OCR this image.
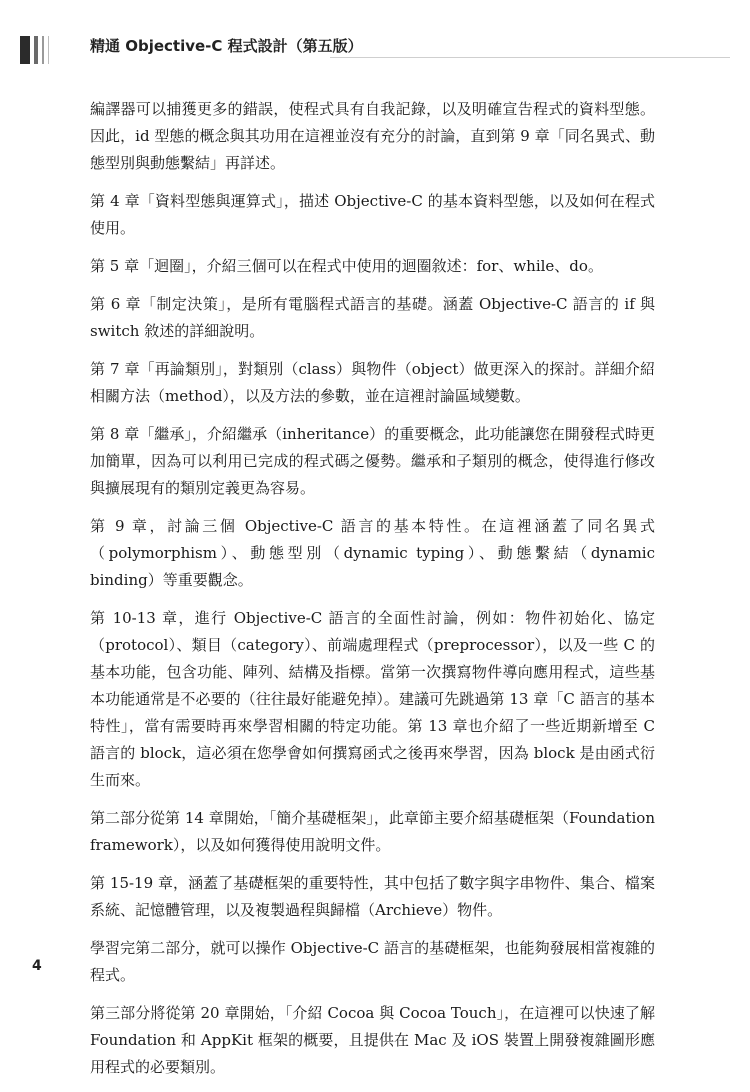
精通 Objective-C 程式設計（第五版）

編譯器可以捕獲更多的錯誤，使程式具有自我記錄，以及明確宣告程式的資料型態。因此，id 型態的概念與其功用在這裡並沒有充分的討論，直到第 9 章「同名異式、動態型別與動態繫結」再詳述。

第 4 章「資料型態與運算式」，描述 Objective-C 的基本資料型態，以及如何在程式使用。

第 5 章「迴圈」，介紹三個可以在程式中使用的迴圈敘述：for、while、do。

第 6 章「制定決策」，是所有電腦程式語言的基礎。涵蓋 Objective-C 語言的 if 與 switch 敘述的詳細說明。

第 7 章「再論類別」，對類別（class）與物件（object）做更深入的探討。詳細介紹相關方法（method），以及方法的參數，並在這裡討論區域變數。

第 8 章「繼承」，介紹繼承（inheritance）的重要概念，此功能讓您在開發程式時更加簡單，因為可以利用已完成的程式碼之優勢。繼承和子類別的概念，使得進行修改與擴展現有的類別定義更為容易。

第 9 章，討論三個 Objective-C 語言的基本特性。在這裡涵蓋了同名異式（polymorphism）、動態型別（dynamic typing）、動態繫結（dynamic binding）等重要觀念。

第 10-13 章，進行 Objective-C 語言的全面性討論，例如：物件初始化、協定（protocol）、類目（category）、前端處理程式（preprocessor），以及一些 C 的基本功能，包含功能、陣列、結構及指標。當第一次撰寫物件導向應用程式，這些基本功能通常是不必要的（往往最好能避免掉）。建議可先跳過第 13 章「C 語言的基本特性」，當有需要時再來學習相關的特定功能。第 13 章也介紹了一些近期新增至 C 語言的 block，這必須在您學會如何撰寫函式之後再來學習，因為 block 是由函式衍生而來。

第二部分從第 14 章開始，「簡介基礎框架」，此章節主要介紹基礎框架（Foundation framework），以及如何獲得使用說明文件。

第 15-19 章，涵蓋了基礎框架的重要特性，其中包括了數字與字串物件、集合、檔案系統、記憶體管理，以及複製過程與歸檔（Archieve）物件。

學習完第二部分，就可以操作 Objective-C 語言的基礎框架，也能夠發展相當複雜的程式。

第三部分將從第 20 章開始，「介紹 Cocoa 與 Cocoa Touch」，在這裡可以快速了解 Foundation 和 AppKit 框架的概要，且提供在 Mac 及 iOS 裝置上開發複雜圖形應用程式的必要類別。

4
